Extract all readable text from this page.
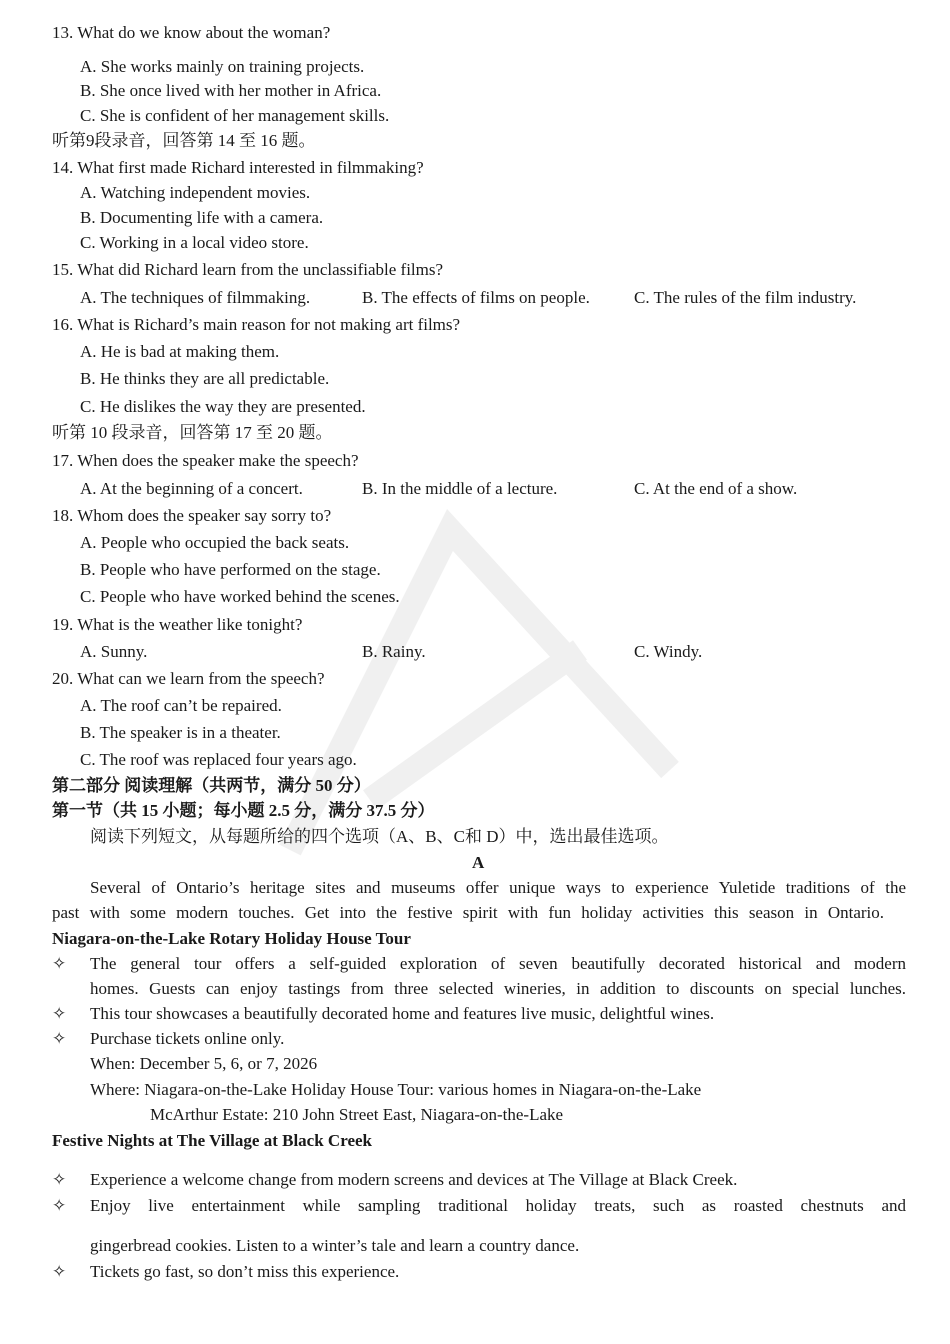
13. What do we know about the woman?
A. She works mainly on training projects.
B. She once lived with her mother in Africa.
C. She is confident of her management skills.
听第9段录音，回答第 14 至 16 题。
14. What first made Richard interested in filmmaking?
A. Watching independent movies.
B. Documenting life with a camera.
C. Working in a local video store.
15. What did Richard learn from the unclassifiable films?
A. The techniques of filmmaking.	B. The effects of films on people.	C. The rules of the film industry.
16. What is Richard’s main reason for not making art films?
A. He is bad at making them.
B. He thinks they are all predictable.
C. He dislikes the way they are presented.
听第 10 段录音，回答第 17 至 20 题。
17. When does the speaker make the speech?
A. At the beginning of a concert.	B. In the middle of a lecture.	C. At the end of a show.
18. Whom does the speaker say sorry to?
A. People who occupied the back seats.
B. People who have performed on the stage.
C. People who have worked behind the scenes.
19. What is the weather like tonight?
A. Sunny.	B. Rainy.	C. Windy.
20. What can we learn from the speech?
A. The roof can’t be repaired.
B. The speaker is in a theater.
C. The roof was replaced four years ago.
第二部分 阅读理解（共两节，满分 50 分）
第一节（共 15 小题；每小题 2.5 分，满分 37.5 分）
阅读下列短文，从每题所给的四个选项（A、B、C和 D）中，选出最佳选项。
A
Several of Ontario’s heritage sites and museums offer unique ways to experience Yuletide traditions of the
past with some modern touches. Get into the festive spirit with fun holiday activities this season in Ontario.
Niagara-on-the-Lake Rotary Holiday House Tour
✧ The general tour offers a self-guided exploration of seven beautifully decorated historical and modern
homes. Guests can enjoy tastings from three selected wineries, in addition to discounts on special lunches.
✧ This tour showcases a beautifully decorated home and features live music, delightful wines.
✧ Purchase tickets online only.
When: December 5, 6, or 7, 2026
Where: Niagara-on-the-Lake Holiday House Tour: various homes in Niagara-on-the-Lake
McArthur Estate: 210 John Street East, Niagara-on-the-Lake
Festive Nights at The Village at Black Creek
✧ Experience a welcome change from modern screens and devices at The Village at Black Creek.
✧ Enjoy live entertainment while sampling traditional holiday treats, such as roasted chestnuts and
gingerbread cookies. Listen to a winter’s tale and learn a country dance.
✧ Tickets go fast, so don’t miss this experience.
